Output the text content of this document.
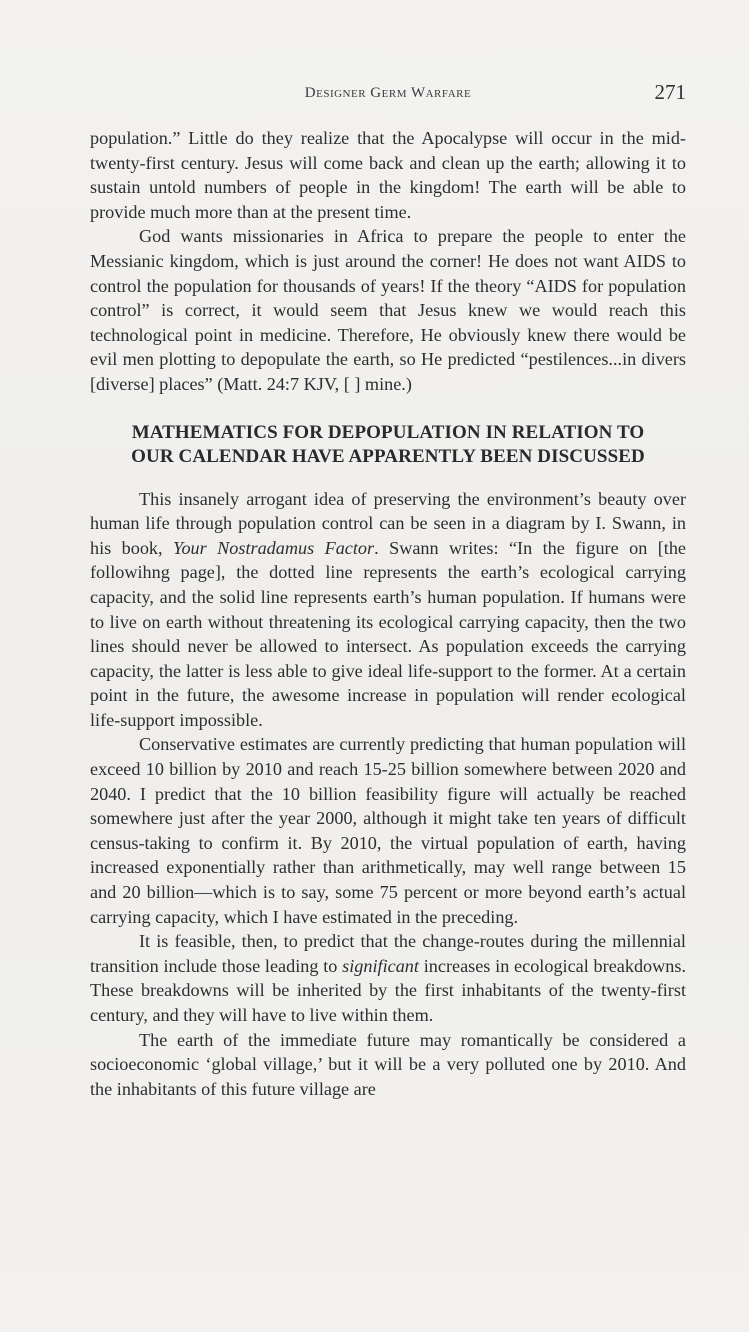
Designer Germ Warfare	271

population.” Little do they realize that the Apocalypse will occur in the mid-twenty-first century. Jesus will come back and clean up the earth; allowing it to sustain untold numbers of people in the kingdom! The earth will be able to provide much more than at the present time.

God wants missionaries in Africa to prepare the people to enter the Messianic kingdom, which is just around the corner! He does not want AIDS to control the population for thousands of years! If the theory “AIDS for population control” is correct, it would seem that Jesus knew we would reach this technological point in medicine. Therefore, He obviously knew there would be evil men plotting to depopulate the earth, so He predicted “pestilences...in divers [diverse] places” (Matt. 24:7 KJV, [ ] mine.)

MATHEMATICS FOR DEPOPULATION IN RELATION TO
OUR CALENDAR HAVE APPARENTLY BEEN DISCUSSED

This insanely arrogant idea of preserving the environment’s beauty over human life through population control can be seen in a diagram by I. Swann, in his book, Your Nostradamus Factor. Swann writes: “In the figure on [the followihng page], the dotted line represents the earth’s ecological carrying capacity, and the solid line represents earth’s human population. If humans were to live on earth without threatening its ecological carrying capacity, then the two lines should never be allowed to intersect. As population exceeds the carrying capacity, the latter is less able to give ideal life-support to the former. At a certain point in the future, the awesome increase in population will render ecological life-support impossible.

Conservative estimates are currently predicting that human population will exceed 10 billion by 2010 and reach 15-25 billion somewhere between 2020 and 2040. I predict that the 10 billion feasibility figure will actually be reached somewhere just after the year 2000, although it might take ten years of difficult census-taking to confirm it. By 2010, the virtual population of earth, having increased exponentially rather than arithmetically, may well range between 15 and 20 billion—which is to say, some 75 percent or more beyond earth’s actual carrying capacity, which I have estimated in the preceding.

It is feasible, then, to predict that the change-routes during the millennial transition include those leading to significant increases in ecological breakdowns. These breakdowns will be inherited by the first inhabitants of the twenty-first century, and they will have to live within them.

The earth of the immediate future may romantically be considered a socioeconomic ‘global village,’ but it will be a very polluted one by 2010. And the inhabitants of this future village are
